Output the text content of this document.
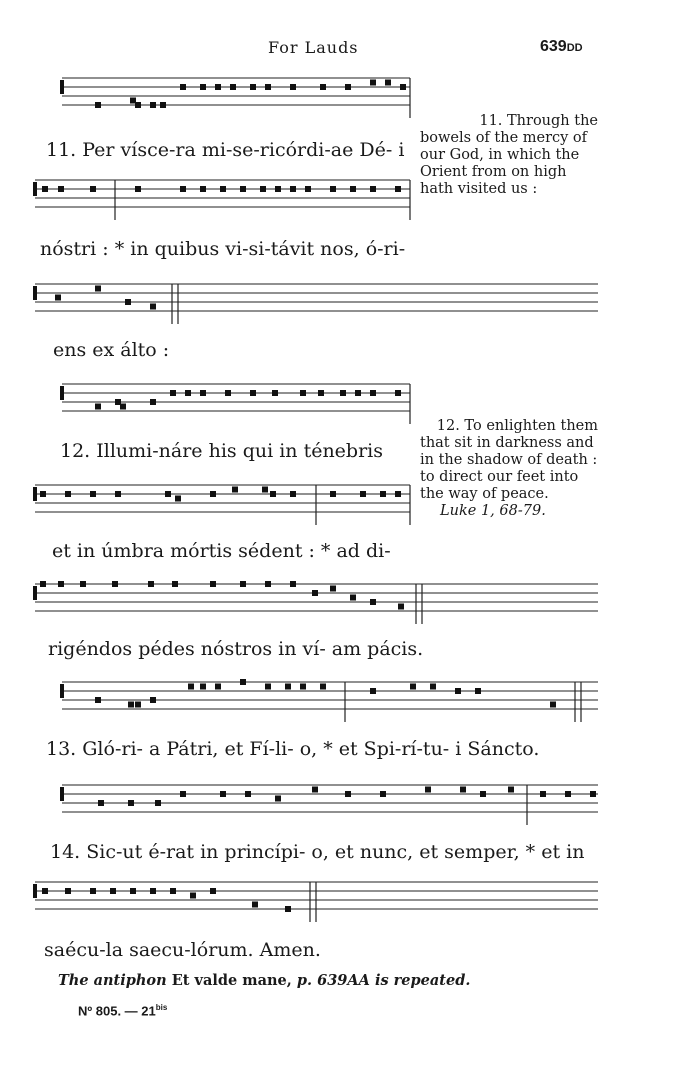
For Lauds	639DD
11. Per vísce-ra mi-se-ricórdi-ae Dé- i
nóstri : * in quibus vi-si-távit nos, ó-ri-
ens ex álto :
12. Illumi-náre his qui in ténebris
et in úmbra mórtis sédent : * ad di-
rigéndos pédes nóstros in ví- am pácis.
13. Gló-ri- a Pátri, et Fí-li- o, * et Spi-rí-tu- i Sáncto.
14. Sic-ut é-rat in princípi- o, et nunc, et semper, * et in
saécu-la saecu-lórum. Amen.
11. Through the
bowels of the mercy of
our God, in which the
Orient from on high
hath visited us :
12. To enlighten them
that sit in darkness and
in the shadow of death :
to direct our feet into
the way of peace.
Luke 1, 68-79.
The antiphon Et valde mane, p. 639AA is repeated.
Nº 805. — $21^{bis}$
